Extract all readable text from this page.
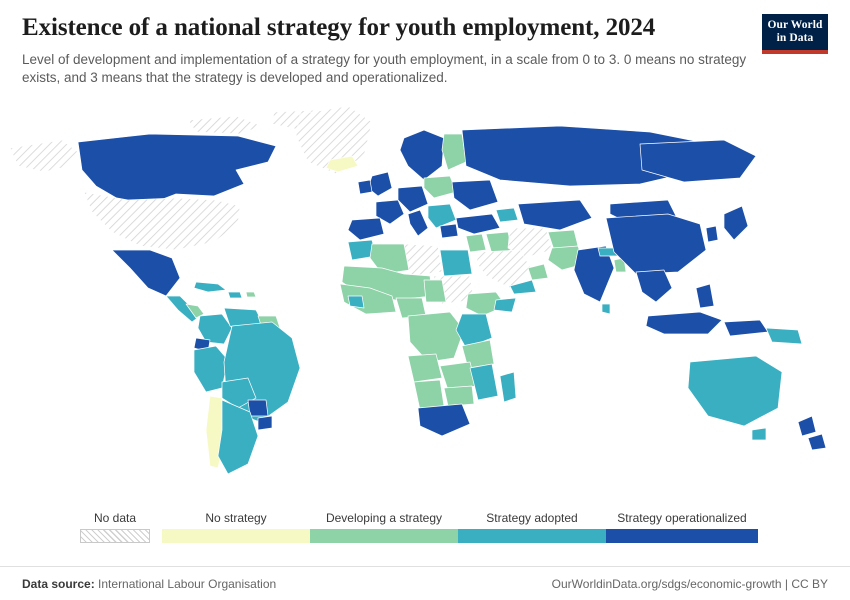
Existence of a national strategy for youth employment, 2024
Level of development and implementation of a strategy for youth employment, in a scale from 0 to 3. 0 means no strategy exists, and 3 means that the strategy is developed and operationalized.
Our World
in Data
No data	No strategy	Developing a strategy	Strategy adopted	Strategy operationalized
Data source: International Labour Organisation	OurWorldinData.org/sdgs/economic-growth | CC BY
